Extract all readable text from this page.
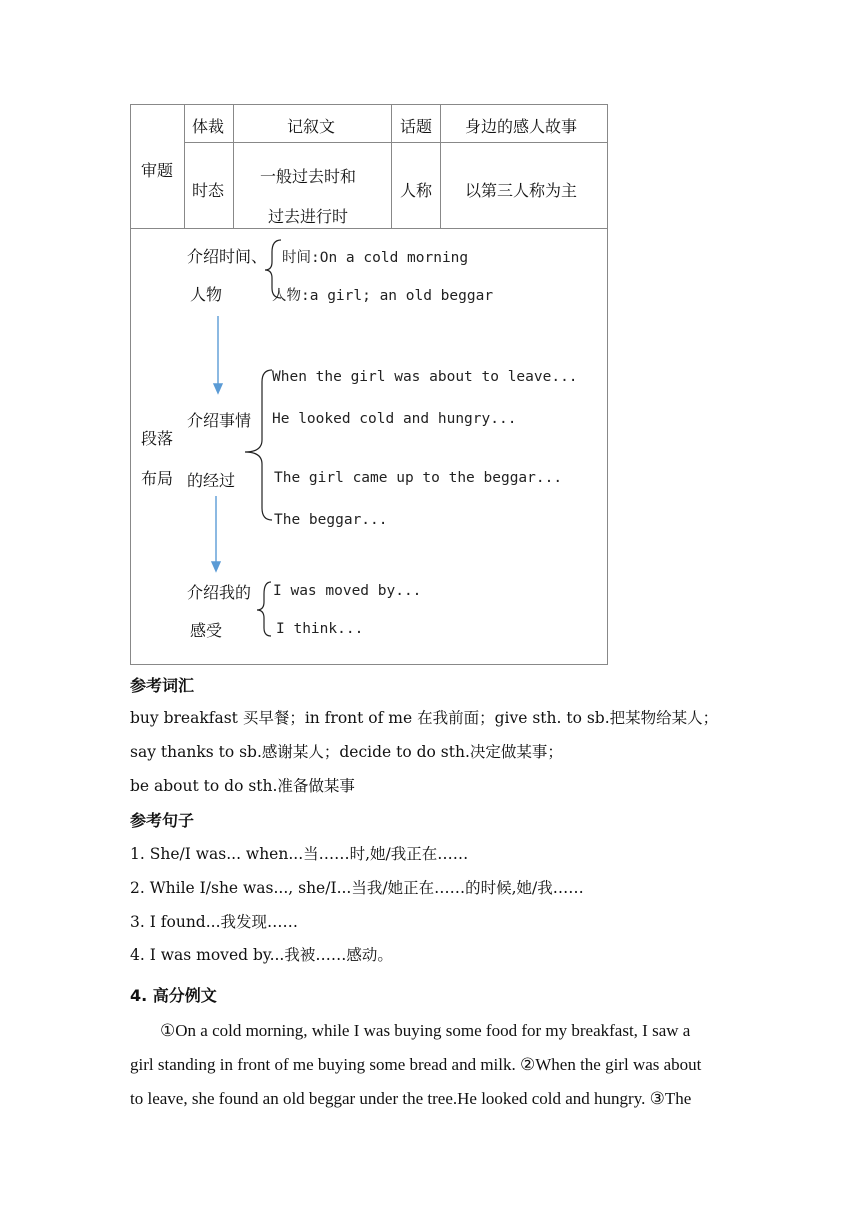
审题
体裁	记叙文	话题 身边的感人故事
时态
一般过去时和
过去进行时
人称 以第三人称为主
段落
布局
介绍时间、
人物
时间:On a cold morning
人物:a girl; an old beggar
介绍事情
的经过
When the girl was about to leave...
He looked cold and hungry...
The girl came up to the beggar...
The beggar...
介绍我的
感受
I was moved by...
I think...
参考词汇
buy breakfast 买早餐；in front of me 在我前面；give sth. to sb.把某物给某人；
say thanks to sb.感谢某人；decide to do sth.决定做某事；
be about to do sth.准备做某事
参考句子
1. She/I was... when...当……时,她/我正在……
2. While I/she was..., she/I...当我/她正在……的时候,她/我……
3. I found...我发现……
4. I was moved by...我被……感动。
4. 高分例文
①On a cold morning, while I was buying some food for my breakfast, I saw a
girl standing in front of me buying some bread and milk. ②When the girl was about
to leave, she found an old beggar under the tree.He looked cold and hungry. ③The
